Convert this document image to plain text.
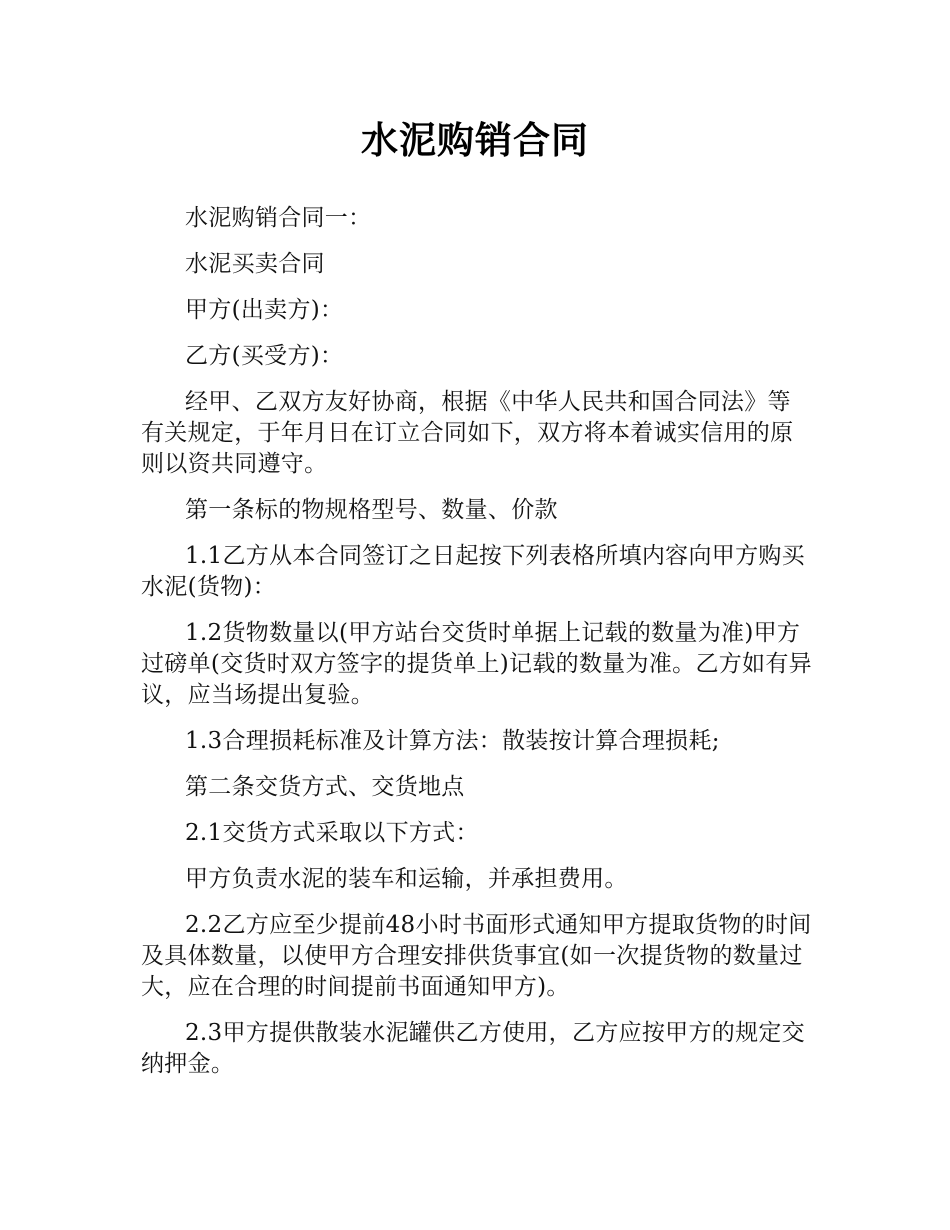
水泥购销合同

水泥购销合同一：

水泥买卖合同

甲方(出卖方)：

乙方(买受方)：

经甲、乙双方友好协商，根据《中华人民共和国合同法》等有关规定，于年月日在订立合同如下，双方将本着诚实信用的原则以资共同遵守。

第一条标的物规格型号、数量、价款

1.1乙方从本合同签订之日起按下列表格所填内容向甲方购买水泥(货物)：

1.2货物数量以(甲方站台交货时单据上记载的数量为准)甲方过磅单(交货时双方签字的提货单上)记载的数量为准。乙方如有异议，应当场提出复验。

1.3合理损耗标准及计算方法：散装按计算合理损耗;

第二条交货方式、交货地点

2.1交货方式采取以下方式：

甲方负责水泥的装车和运输，并承担费用。

2.2乙方应至少提前48小时书面形式通知甲方提取货物的时间及具体数量，以使甲方合理安排供货事宜(如一次提货物的数量过大，应在合理的时间提前书面通知甲方)。

2.3甲方提供散装水泥罐供乙方使用，乙方应按甲方的规定交纳押金。
